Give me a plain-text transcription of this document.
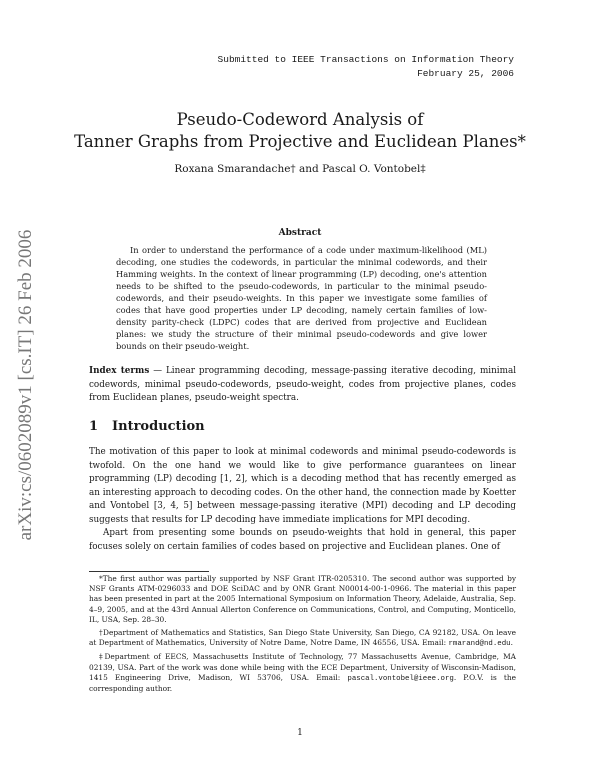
Submitted to IEEE Transactions on Information Theory
February 25, 2006
arXiv:cs/0602089v1 [cs.IT] 26 Feb 2006
Pseudo-Codeword Analysis of
Tanner Graphs from Projective and Euclidean Planes*
Roxana Smarandache† and Pascal O. Vontobel‡
Abstract
In order to understand the performance of a code under maximum-likelihood (ML) decoding, one studies the codewords, in particular the minimal codewords, and their Hamming weights. In the context of linear programming (LP) decoding, one's attention needs to be shifted to the pseudo-codewords, in particular to the minimal pseudo-codewords, and their pseudo-weights. In this paper we investigate some families of codes that have good properties under LP decoding, namely certain families of low-density parity-check (LDPC) codes that are derived from projective and Euclidean planes: we study the structure of their minimal pseudo-codewords and give lower bounds on their pseudo-weight.
Index terms — Linear programming decoding, message-passing iterative decoding, minimal codewords, minimal pseudo-codewords, pseudo-weight, codes from projective planes, codes from Euclidean planes, pseudo-weight spectra.
1 Introduction

The motivation of this paper to look at minimal codewords and minimal pseudo-codewords is twofold. On the one hand we would like to give performance guarantees on linear programming (LP) decoding [1, 2], which is a decoding method that has recently emerged as an interesting approach to decoding codes. On the other hand, the connection made by Koetter and Vontobel [3, 4, 5] between message-passing iterative (MPI) decoding and LP decoding suggests that results for LP decoding have immediate implications for MPI decoding.

Apart from presenting some bounds on pseudo-weights that hold in general, this paper focuses solely on certain families of codes based on projective and Euclidean planes. One of

*The first author was partially supported by NSF Grant ITR-0205310. The second author was supported by NSF Grants ATM-0296033 and DOE SciDAC and by ONR Grant N00014-00-1-0966. The material in this paper has been presented in part at the 2005 International Symposium on Information Theory, Adelaide, Australia, Sep. 4–9, 2005, and at the 43rd Annual Allerton Conference on Communications, Control, and Computing, Monticello, IL, USA, Sep. 28–30.

†Department of Mathematics and Statistics, San Diego State University, San Diego, CA 92182, USA. On leave at Department of Mathematics, University of Notre Dame, Notre Dame, IN 46556, USA. Email: rmarand@nd.edu.

‡Department of EECS, Massachusetts Institute of Technology, 77 Massachusetts Avenue, Cambridge, MA 02139, USA. Part of the work was done while being with the ECE Department, University of Wisconsin-Madison, 1415 Engineering Drive, Madison, WI 53706, USA. Email: pascal.vontobel@ieee.org. P.O.V. is the corresponding author.

1
